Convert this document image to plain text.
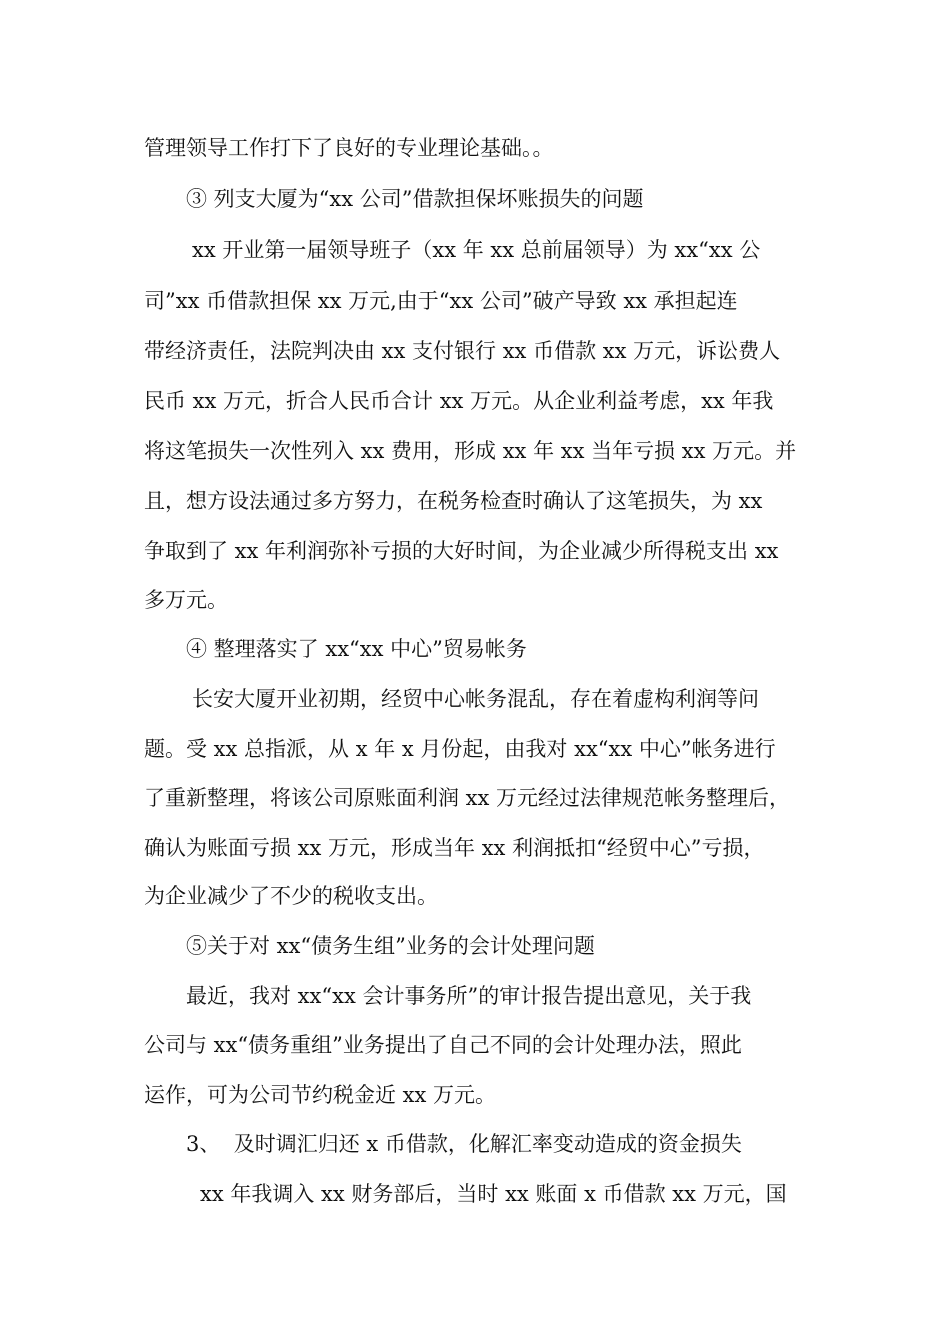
管理领导工作打下了良好的专业理论基础。。
③ 列支大厦为“xx 公司”借款担保坏账损失的问题
xx 开业第一届领导班子（xx 年 xx 总前届领导）为 xx“xx 公
司”xx 币借款担保 xx 万元,由于“xx 公司”破产导致 xx 承担起连
带经济责任，法院判决由 xx 支付银行 xx 币借款 xx 万元，诉讼费人
民币 xx 万元，折合人民币合计 xx 万元。从企业利益考虑，xx 年我
将这笔损失一次性列入 xx 费用，形成 xx 年 xx 当年亏损 xx 万元。并
且，想方设法通过多方努力，在税务检查时确认了这笔损失，为 xx
争取到了 xx 年利润弥补亏损的大好时间，为企业减少所得税支出 xx
多万元。
④ 整理落实了 xx“xx 中心”贸易帐务
长安大厦开业初期，经贸中心帐务混乱，存在着虚构利润等问
题。受 xx 总指派，从 x 年 x 月份起，由我对 xx“xx 中心”帐务进行
了重新整理，将该公司原账面利润 xx 万元经过法律规范帐务整理后，
确认为账面亏损 xx 万元，形成当年 xx 利润抵扣“经贸中心”亏损，
为企业减少了不少的税收支出。
⑤关于对 xx“债务生组”业务的会计处理问题
最近，我对 xx“xx 会计事务所”的审计报告提出意见，关于我
公司与 xx“债务重组”业务提出了自己不同的会计处理办法，照此
运作，可为公司节约税金近 xx 万元。
3、  及时调汇归还 x 币借款，化解汇率变动造成的资金损失
xx 年我调入 xx 财务部后，当时 xx 账面 x 币借款 xx 万元，国
